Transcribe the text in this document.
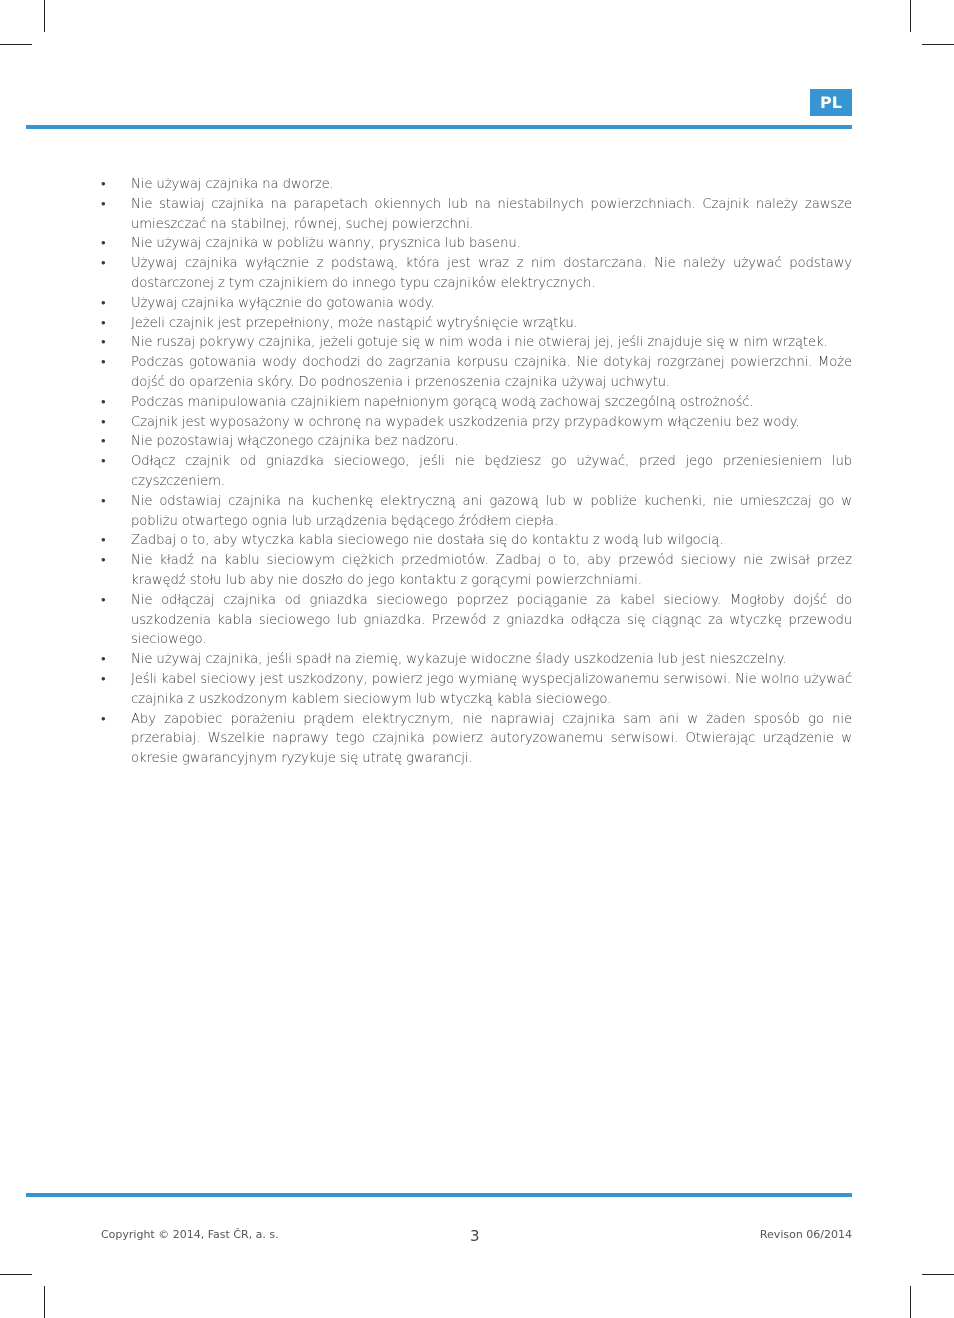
PL
• Nie używaj czajnika na dworze.
• Nie stawiaj czajnika na parapetach okiennych lub na niestabilnych powierzchniach. Czajnik należy zawsze umieszczać na stabilnej, równej, suchej powierzchni.
• Nie używaj czajnika w pobliżu wanny, prysznica lub basenu.
• Używaj czajnika wyłącznie z podstawą, która jest wraz z nim dostarczana. Nie należy używać podstawy dostarczonej z tym czajnikiem do innego typu czajników elektrycznych.
• Używaj czajnika wyłącznie do gotowania wody.
• Jeżeli czajnik jest przepełniony, może nastąpić wytryśnięcie wrzątku.
• Nie ruszaj pokrywy czajnika, jeżeli gotuje się w nim woda i nie otwieraj jej, jeśli znajduje się w nim wrzątek.
• Podczas gotowania wody dochodzi do zagrzania korpusu czajnika. Nie dotykaj rozgrzanej powierzchni. Może dojść do oparzenia skóry. Do podnoszenia i przenoszenia czajnika używaj uchwytu.
• Podczas manipulowania czajnikiem napełnionym gorącą wodą zachowaj szczególną ostrożność.
• Czajnik jest wyposażony w ochronę na wypadek uszkodzenia przy przypadkowym włączeniu bez wody.
• Nie pozostawiaj włączonego czajnika bez nadzoru.
• Odłącz czajnik od gniazdka sieciowego, jeśli nie będziesz go używać, przed jego przeniesieniem lub czyszczeniem.
• Nie odstawiaj czajnika na kuchenkę elektryczną ani gazową lub w pobliże kuchenki, nie umieszczaj go w pobliżu otwartego ognia lub urządzenia będącego źródłem ciepła.
• Zadbaj o to, aby wtyczka kabla sieciowego nie dostała się do kontaktu z wodą lub wilgocią.
• Nie kładź na kablu sieciowym ciężkich przedmiotów. Zadbaj o to, aby przewód sieciowy nie zwisał przez krawędź stołu lub aby nie doszło do jego kontaktu z gorącymi powierzchniami.
• Nie odłączaj czajnika od gniazdka sieciowego poprzez pociąganie za kabel sieciowy. Mogłoby dojść do uszkodzenia kabla sieciowego lub gniazdka. Przewód z gniazdka odłącza się ciągnąc za wtyczkę przewodu sieciowego.
• Nie używaj czajnika, jeśli spadł na ziemię, wykazuje widoczne ślady uszkodzenia lub jest nieszczelny.
• Jeśli kabel sieciowy jest uszkodzony, powierz jego wymianę wyspecjalizowanemu serwisowi. Nie wolno używać czajnika z uszkodzonym kablem sieciowym lub wtyczką kabla sieciowego.
• Aby zapobiec porażeniu prądem elektrycznym, nie naprawiaj czajnika sam ani w żaden sposób go nie przerabiaj. Wszelkie naprawy tego czajnika powierz autoryzowanemu serwisowi. Otwierając urządzenie w okresie gwarancyjnym ryzykuje się utratę gwarancji.
Copyright © 2014, Fast ČR, a. s.	3	Revison 06/2014
